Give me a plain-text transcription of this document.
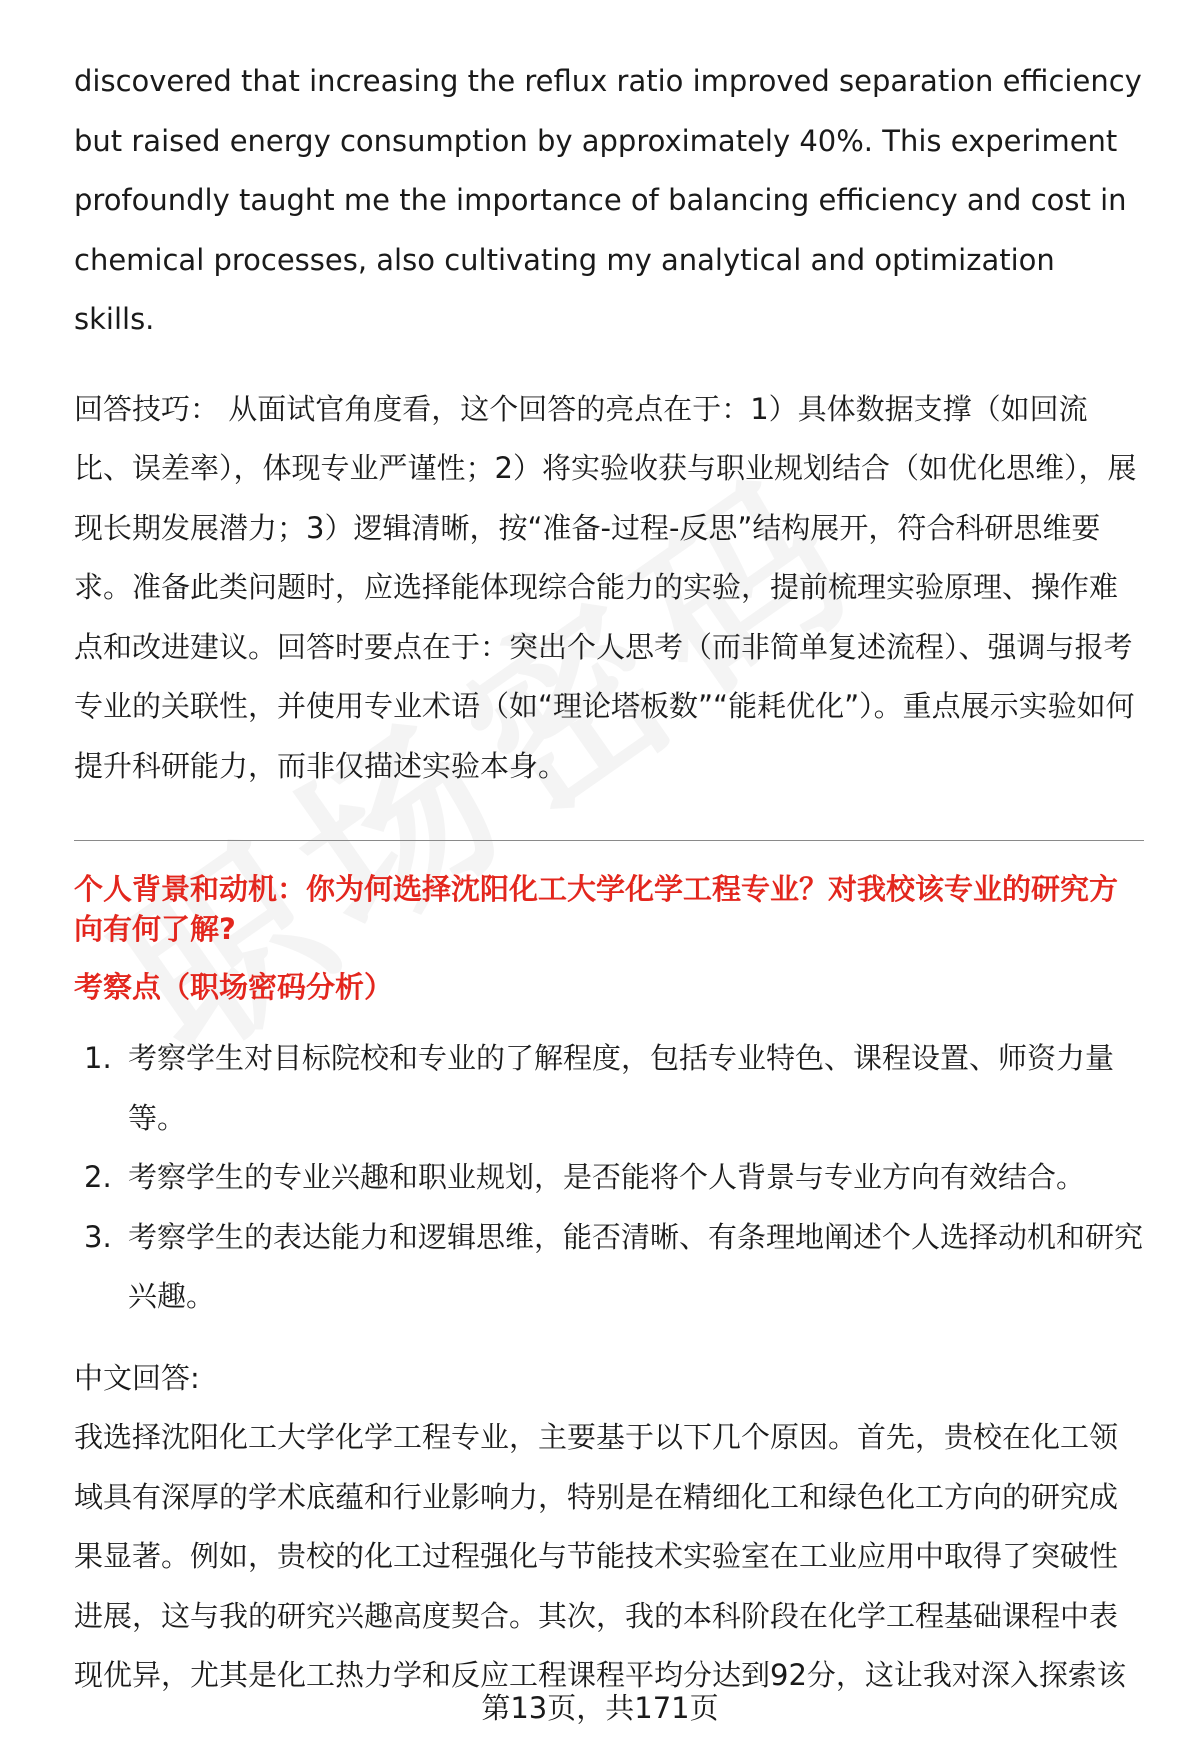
discovered that increasing the reflux ratio improved separation efficiency

but raised energy consumption by approximately 40%. This experiment

profoundly taught me the importance of balancing efficiency and cost in

chemical processes, also cultivating my analytical and optimization skills.

回答技巧： 从面试官角度看，这个回答的亮点在于：1）具体数据支撑（如回流比、误差率），体现专业严谨性；2）将实验收获与职业规划结合（如优化思维），展现长期发展潜力；3）逻辑清晰，按“准备-过程-反思”结构展开，符合科研思维要求。准备此类问题时，应选择能体现综合能力的实验，提前梳理实验原理、操作难点和改进建议。回答时要点在于：突出个人思考（而非简单复述流程）、强调与报考专业的关联性，并使用专业术语（如“理论塔板数”“能耗优化”）。重点展示实验如何提升科研能力，而非仅描述实验本身。

个人背景和动机：你为何选择沈阳化工大学化学工程专业？对我校该专业的研究方向有何了解?

考察点（职场密码分析）

1. 考察学生对目标院校和专业的了解程度，包括专业特色、课程设置、师资力量等。
2. 考察学生的专业兴趣和职业规划，是否能将个人背景与专业方向有效结合。
3. 考察学生的表达能力和逻辑思维，能否清晰、有条理地阐述个人选择动机和研究兴趣。

中文回答:

我选择沈阳化工大学化学工程专业，主要基于以下几个原因。首先，贵校在化工领域具有深厚的学术底蕴和行业影响力，特别是在精细化工和绿色化工方向的研究成果显著。例如，贵校的化工过程强化与节能技术实验室在工业应用中取得了突破性进展，这与我的研究兴趣高度契合。其次，我的本科阶段在化学工程基础课程中表现优异，尤其是化工热力学和反应工程课程平均分达到92分，这让我对深入探索该

第13页，共171页
